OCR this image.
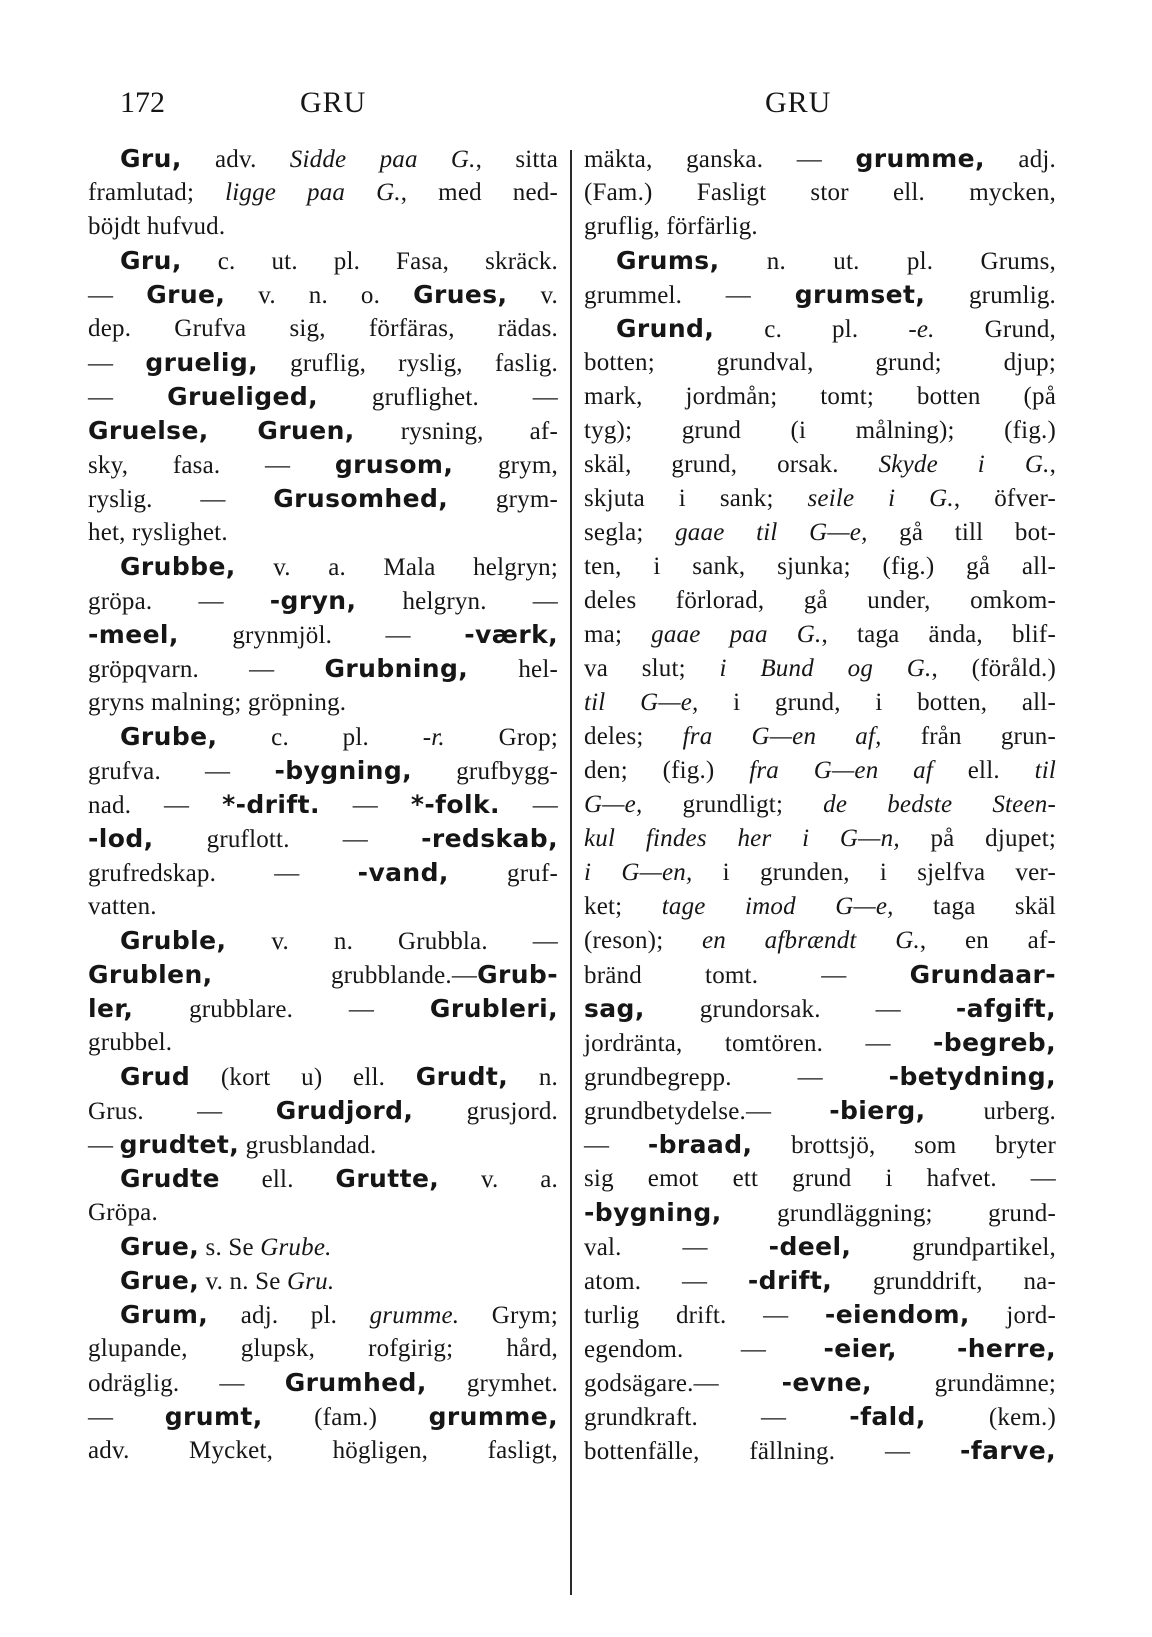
172	GRU	GRU
Gru, adv. Sidde paa G., sitta
framlutad; ligge paa G., med ned-
böjdt hufvud.
Gru, c. ut. pl. Fasa, skräck.
— Grue, v. n. o. Grues, v.
dep. Grufva sig, förfäras, rädas.
— gruelig, gruflig, ryslig, faslig.
— Grueliged, gruflighet. —
Gruelse, Gruen, rysning, af-
sky, fasa. — grusom, grym,
ryslig. — Grusomhed, grym-
het, ryslighet.
Grubbe, v. a. Mala helgryn;
gröpa. — -gryn, helgryn. —
-meel, grynmjöl. — -værk,
gröpqvarn. — Grubning, hel-
gryns malning; gröpning.
Grube, c. pl. -r. Grop;
grufva. — -bygning, grufbygg-
nad. — *-drift. — *-folk. —
-lod, gruflott. — -redskab,
grufredskap. — -vand, gruf-
vatten.
Gruble, v. n. Grubbla. —
Grublen, grubblande.—Grub-
ler, grubblare. — Grubleri,
grubbel.
Grud (kort u) ell. Grudt, n.
Grus. — Grudjord, grusjord.
— grudtet, grusblandad.
Grudte ell. Grutte, v. a.
Gröpa.
Grue, s. Se Grube.
Grue, v. n. Se Gru.
Grum, adj. pl. grumme. Grym;
glupande, glupsk, rofgirig; hård,
odräglig. — Grumhed, grymhet.
— grumt, (fam.) grumme,
adv. Mycket, högligen, fasligt,
mäkta, ganska. — grumme, adj.
(Fam.) Fasligt stor ell. mycken,
gruflig, förfärlig.
Grums, n. ut. pl. Grums,
grummel. — grumset, grumlig.
Grund, c. pl. -e. Grund,
botten; grundval, grund; djup;
mark, jordmån; tomt; botten (på
tyg); grund (i målning); (fig.)
skäl, grund, orsak. Skyde i G.,
skjuta i sank; seile i G., öfver-
segla; gaae til G—e, gå till bot-
ten, i sank, sjunka; (fig.) gå all-
deles förlorad, gå under, omkom-
ma; gaae paa G., taga ända, blif-
va slut; i Bund og G., (föråld.)
til G—e, i grund, i botten, all-
deles; fra G—en af, från grun-
den; (fig.) fra G—en af ell. til
G—e, grundligt; de bedste Steen-
kul findes her i G—n, på djupet;
i G—en, i grunden, i sjelfva ver-
ket; tage imod G—e, taga skäl
(reson); en afbrændt G., en af-
bränd tomt. — Grundaar-
sag, grundorsak. — -afgift,
jordränta, tomtören. — -begreb,
grundbegrepp. — -betydning,
grundbetydelse.— -bierg, urberg.
— -braad, brottsjö, som bryter
sig emot ett grund i hafvet. —
-bygning, grundläggning; grund-
val. — -deel, grundpartikel,
atom. — -drift, grunddrift, na-
turlig drift. — -eiendom, jord-
egendom. — -eier, -herre,
godsägare.— -evne, grundämne;
grundkraft. — -fald, (kem.)
bottenfälle, fällning. — -farve,
